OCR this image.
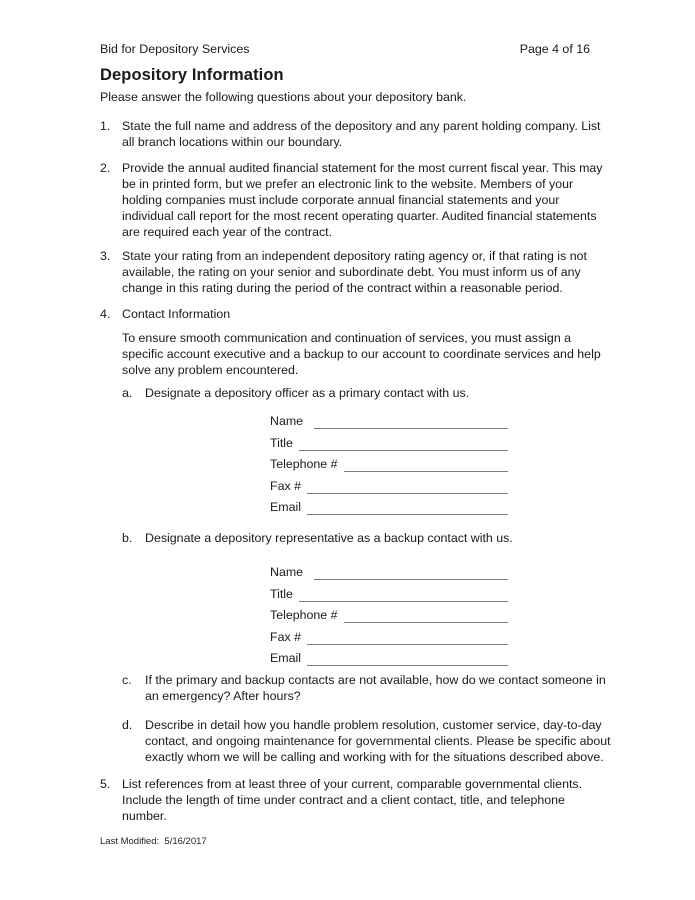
Bid for Depository Services	Page 4 of 16
Depository Information

Please answer the following questions about your depository bank.

1. State the full name and address of the depository and any parent holding company. List all branch locations within our boundary.
2. Provide the annual audited financial statement for the most current fiscal year. This may be in printed form, but we prefer an electronic link to the website. Members of your holding companies must include corporate annual financial statements and your individual call report for the most recent operating quarter. Audited financial statements are required each year of the contract.
3. State your rating from an independent depository rating agency or, if that rating is not available, the rating on your senior and subordinate debt. You must inform us of any change in this rating during the period of the contract within a reasonable period.
4. Contact Information

To ensure smooth communication and continuation of services, you must assign a specific account executive and a backup to our account to coordinate services and help solve any problem encountered.

a.	Designate a depository officer as a primary contact with us.
Name
Title
Telephone #
Fax #
Email
b.	Designate a depository representative as a backup contact with us.
Name
Title
Telephone #
Fax #
Email
c.	If the primary and backup contacts are not available, how do we contact someone in an emergency? After hours?
d.	Describe in detail how you handle problem resolution, customer service, day-to-day contact, and ongoing maintenance for governmental clients. Please be specific about exactly whom we will be calling and working with for the situations described above.
5. List references from at least three of your current, comparable governmental clients. Include the length of time under contract and a client contact, title, and telephone number.
Last Modified:  5/16/2017
